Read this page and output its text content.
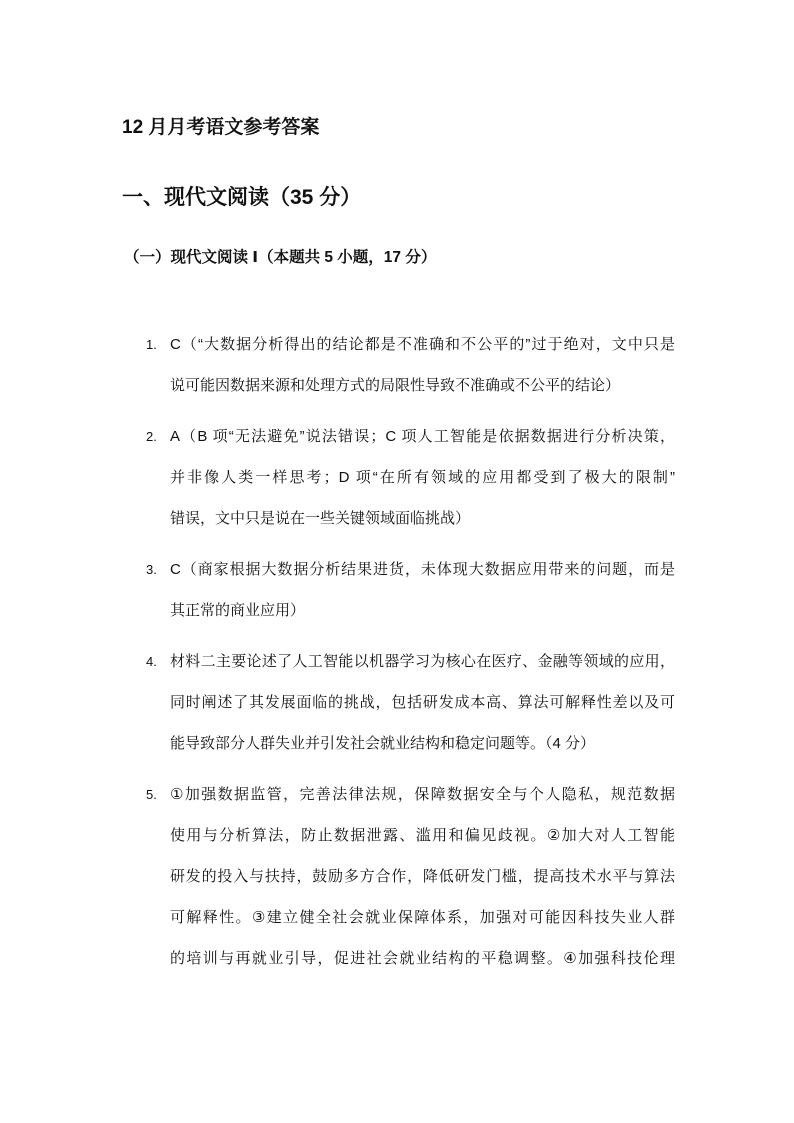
12 月月考语文参考答案
一、现代文阅读（35 分）
（一）现代文阅读 Ⅰ（本题共 5 小题，17 分）
1. C（“大数据分析得出的结论都是不准确和不公平的”过于绝对，文中只是
说可能因数据来源和处理方式的局限性导致不准确或不公平的结论）
2. A（B 项“无法避免”说法错误；C 项人工智能是依据数据进行分析决策，
并非像人类一样思考；D 项“在所有领域的应用都受到了极大的限制”
错误，文中只是说在一些关键领域面临挑战）
3. C（商家根据大数据分析结果进货，未体现大数据应用带来的问题，而是
其正常的商业应用）
4. 材料二主要论述了人工智能以机器学习为核心在医疗、金融等领域的应用，
同时阐述了其发展面临的挑战，包括研发成本高、算法可解释性差以及可
能导致部分人群失业并引发社会就业结构和稳定问题等。（4 分）
5. ①加强数据监管，完善法律法规，保障数据安全与个人隐私，规范数据
使用与分析算法，防止数据泄露、滥用和偏见歧视。②加大对人工智能
研发的投入与扶持，鼓励多方合作，降低研发门槛，提高技术水平与算法
可解释性。③建立健全社会就业保障体系，加强对可能因科技失业人群
的培训与再就业引导，促进社会就业结构的平稳调整。④加强科技伦理
